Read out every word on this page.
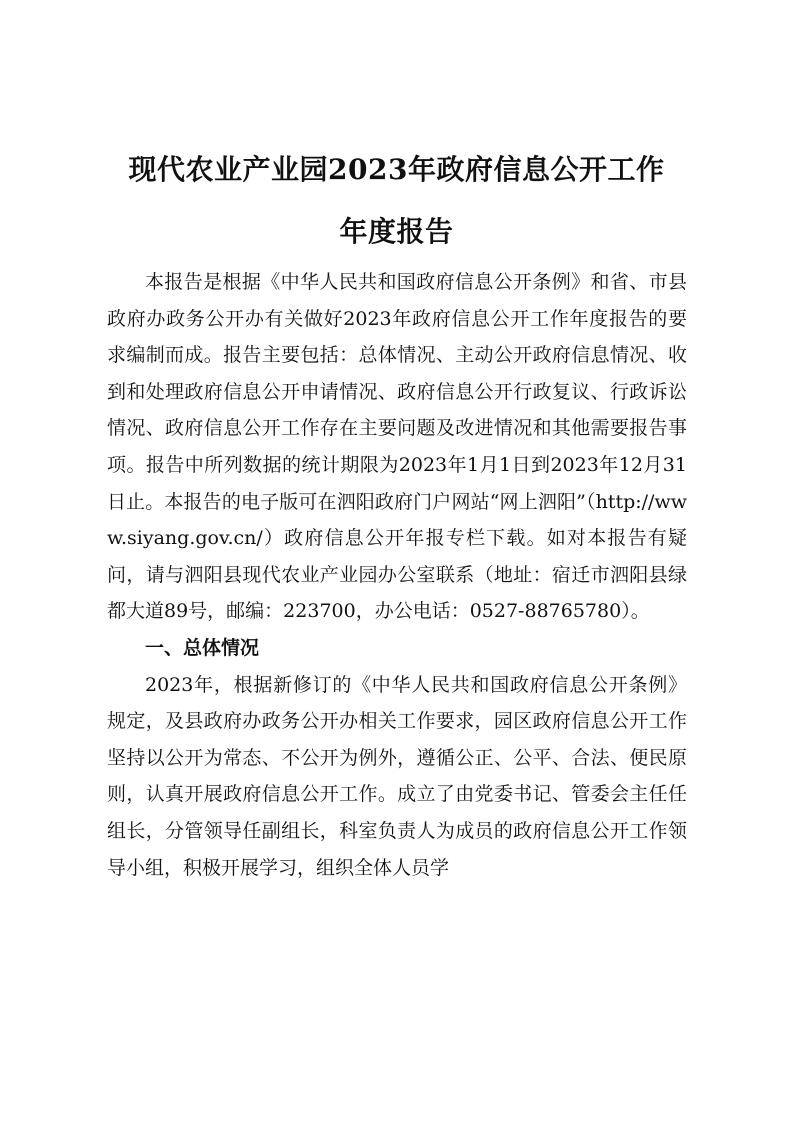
现代农业产业园2023年政府信息公开工作
年度报告

本报告是根据《中华人民共和国政府信息公开条例》和省、市县政府办政务公开办有关做好2023年政府信息公开工作年度报告的要求编制而成。报告主要包括：总体情况、主动公开政府信息情况、收到和处理政府信息公开申请情况、政府信息公开行政复议、行政诉讼情况、政府信息公开工作存在主要问题及改进情况和其他需要报告事项。报告中所列数据的统计期限为2023年1月1日到2023年12月31日止。本报告的电子版可在泗阳政府门户网站“网上泗阳”（http://www.siyang.gov.cn/）政府信息公开年报专栏下载。如对本报告有疑问，请与泗阳县现代农业产业园办公室联系（地址：宿迁市泗阳县绿都大道89号，邮编：223700，办公电话：0527-88765780）。

一、总体情况

2023年，根据新修订的《中华人民共和国政府信息公开条例》规定，及县政府办政务公开办相关工作要求，园区政府信息公开工作坚持以公开为常态、不公开为例外，遵循公正、公平、合法、便民原则，认真开展政府信息公开工作。成立了由党委书记、管委会主任任组长，分管领导任副组长，科室负责人为成员的政府信息公开工作领导小组，积极开展学习，组织全体人员学
